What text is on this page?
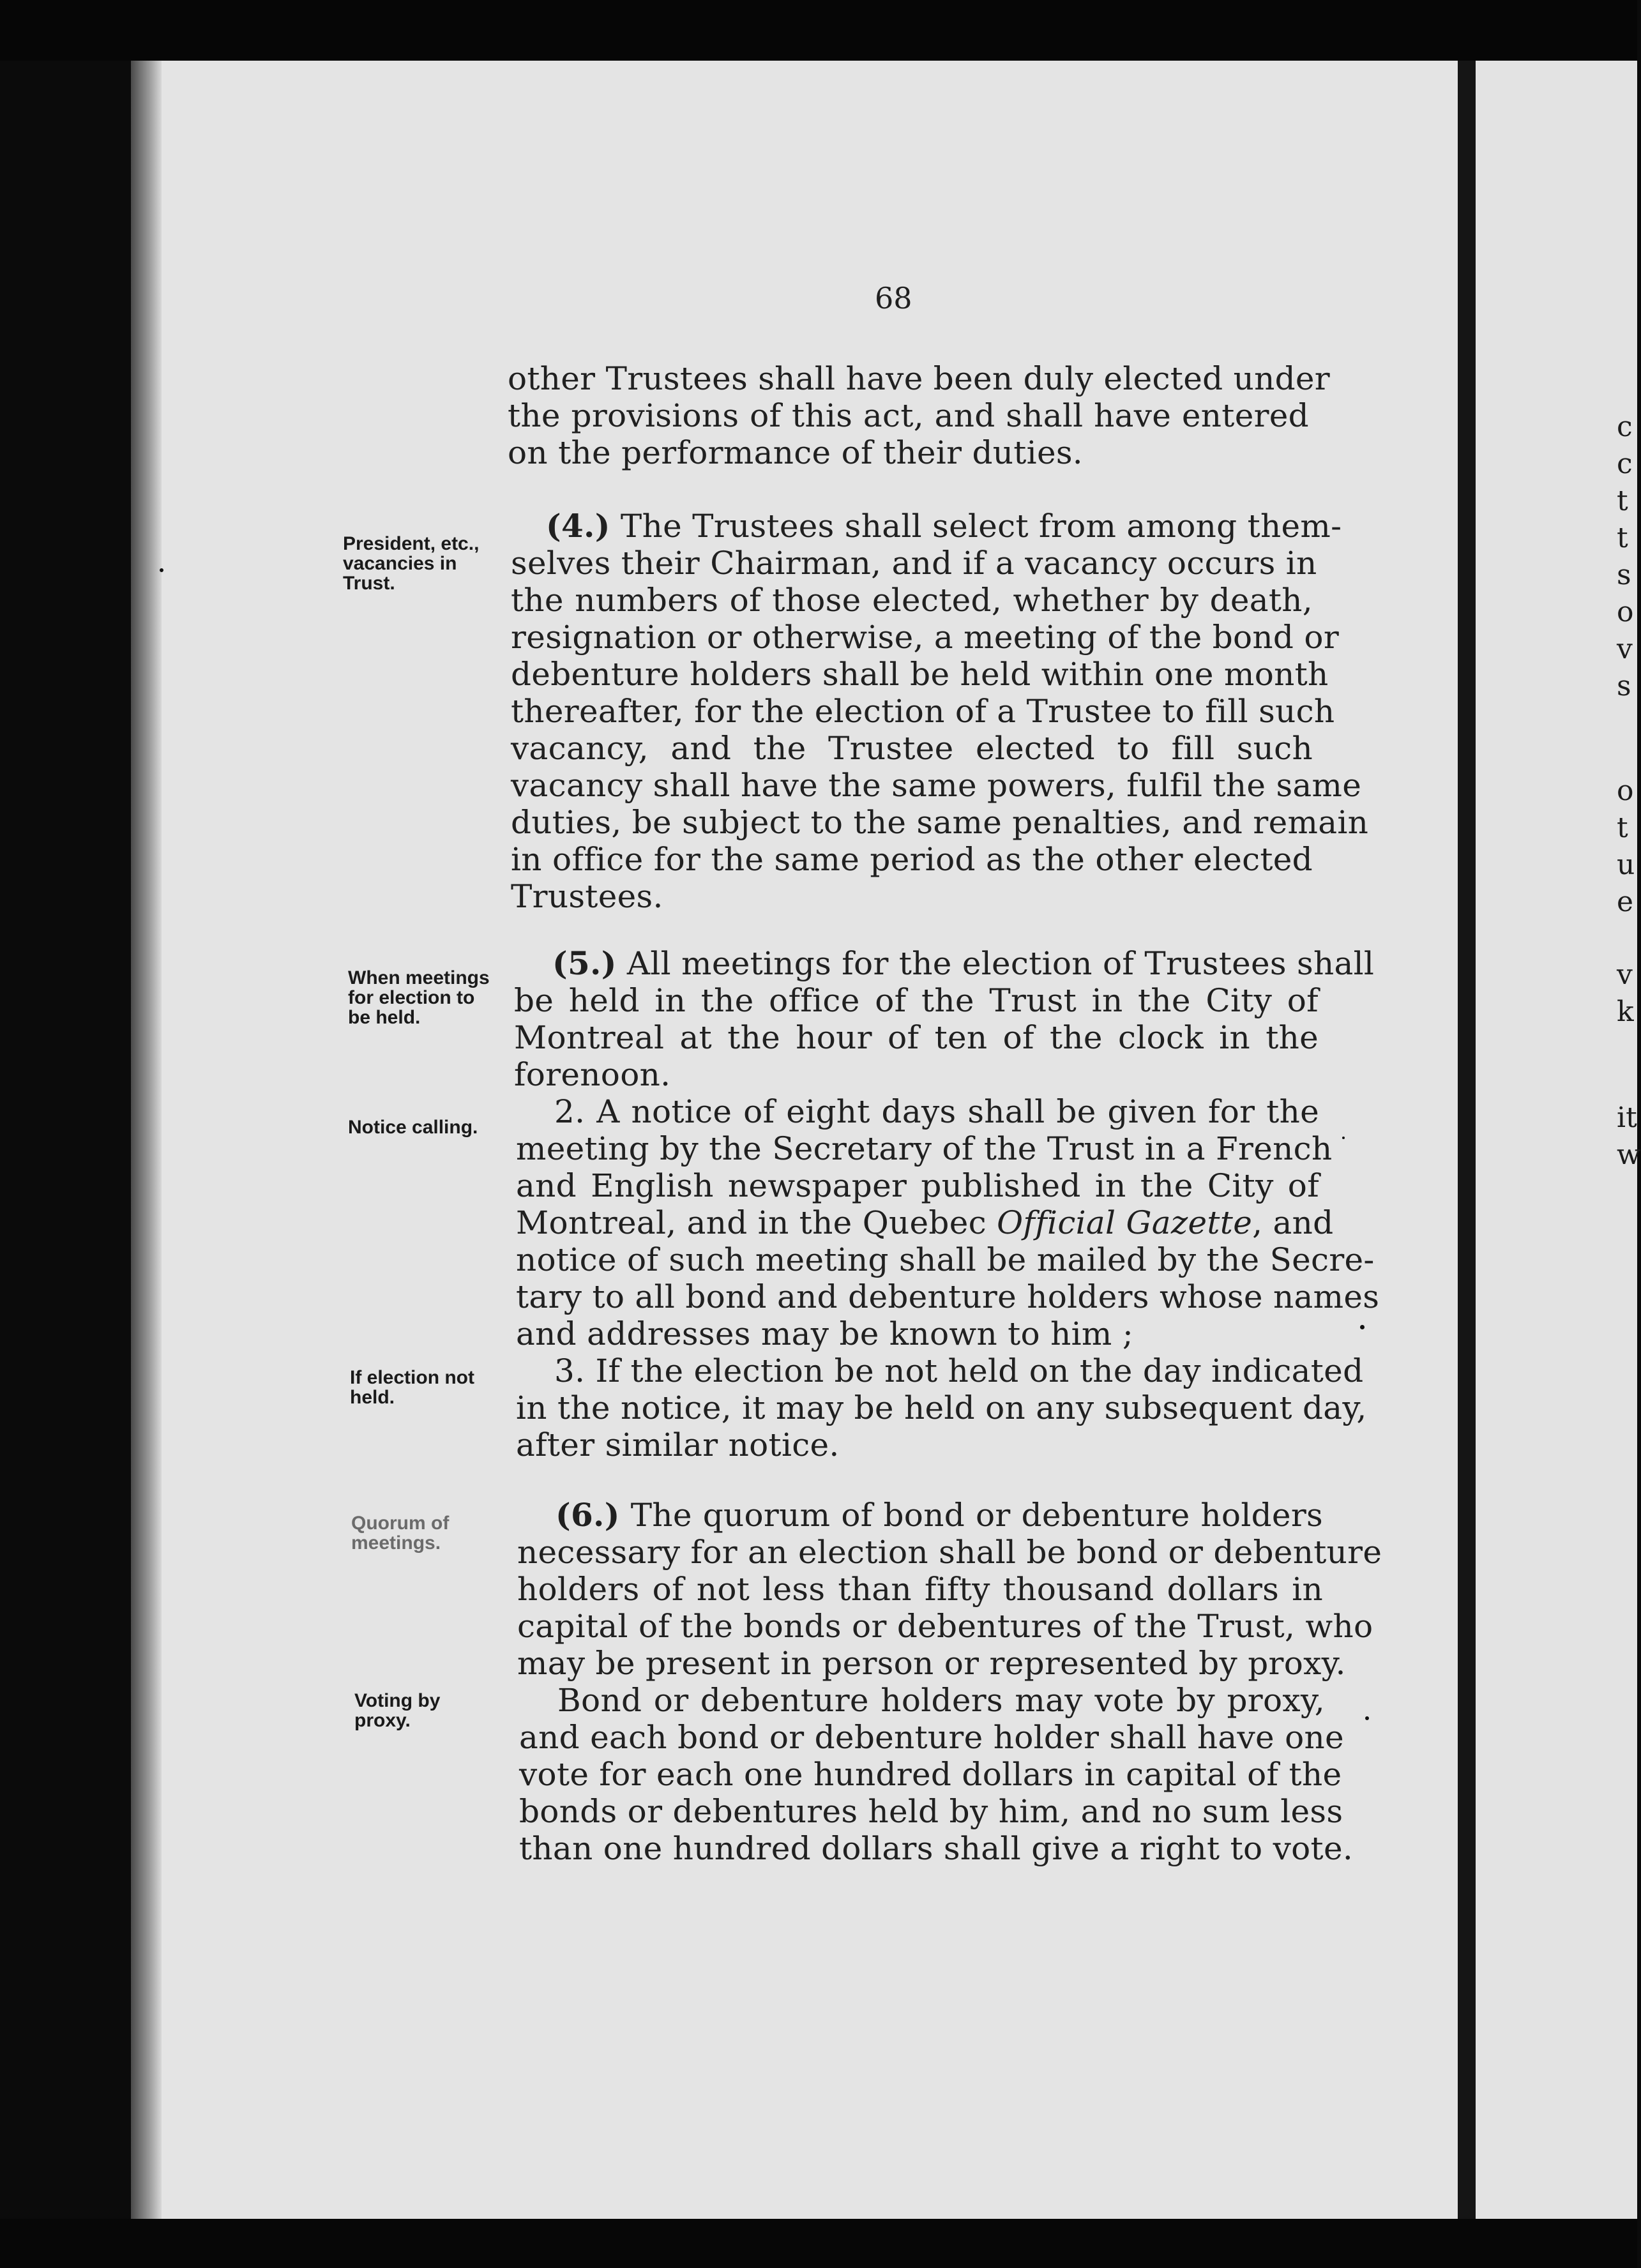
68
other Trustees shall have been duly elected under
the provisions of this act, and shall have entered
on the performance of their duties.
President, etc.,
vacancies in
Trust.
(4.) The Trustees shall select from among them-
selves their Chairman, and if a vacancy occurs in
the numbers of those elected, whether by death,
resignation or otherwise, a meeting of the bond or
debenture holders shall be held within one month
thereafter, for the election of a Trustee to fill such
vacancy, and the Trustee elected to fill such
vacancy shall have the same powers, fulfil the same
duties, be subject to the same penalties, and remain
in office for the same period as the other elected
Trustees.
When meetings
for election to
be held.
(5.) All meetings for the election of Trustees shall
be held in the office of the Trust in the City of
Montreal at the hour of ten of the clock in the
forenoon.
Notice calling.	2. A notice of eight days shall be given for the
meeting by the Secretary of the Trust in a French
and English newspaper published in the City of
Montreal, and in the Quebec Official Gazette, and
notice of such meeting shall be mailed by the Secre-
tary to all bond and debenture holders whose names
and addresses may be known to him ;
If election not
held.
3. If the election be not held on the day indicated
in the notice, it may be held on any subsequent day,
after similar notice.
Quorum of
meetings.
(6.) The quorum of bond or debenture holders
necessary for an election shall be bond or debenture
holders of not less than fifty thousand dollars in
capital of the bonds or debentures of the Trust, who
may be present in person or represented by proxy.
Voting by
proxy.
Bond or debenture holders may vote by proxy,
and each bond or debenture holder shall have one
vote for each one hundred dollars in capital of the
bonds or debentures held by him, and no sum less
than one hundred dollars shall give a right to vote.
c
c
t
t
s
o
v
s
o
t
u
e
v
k
it
w
